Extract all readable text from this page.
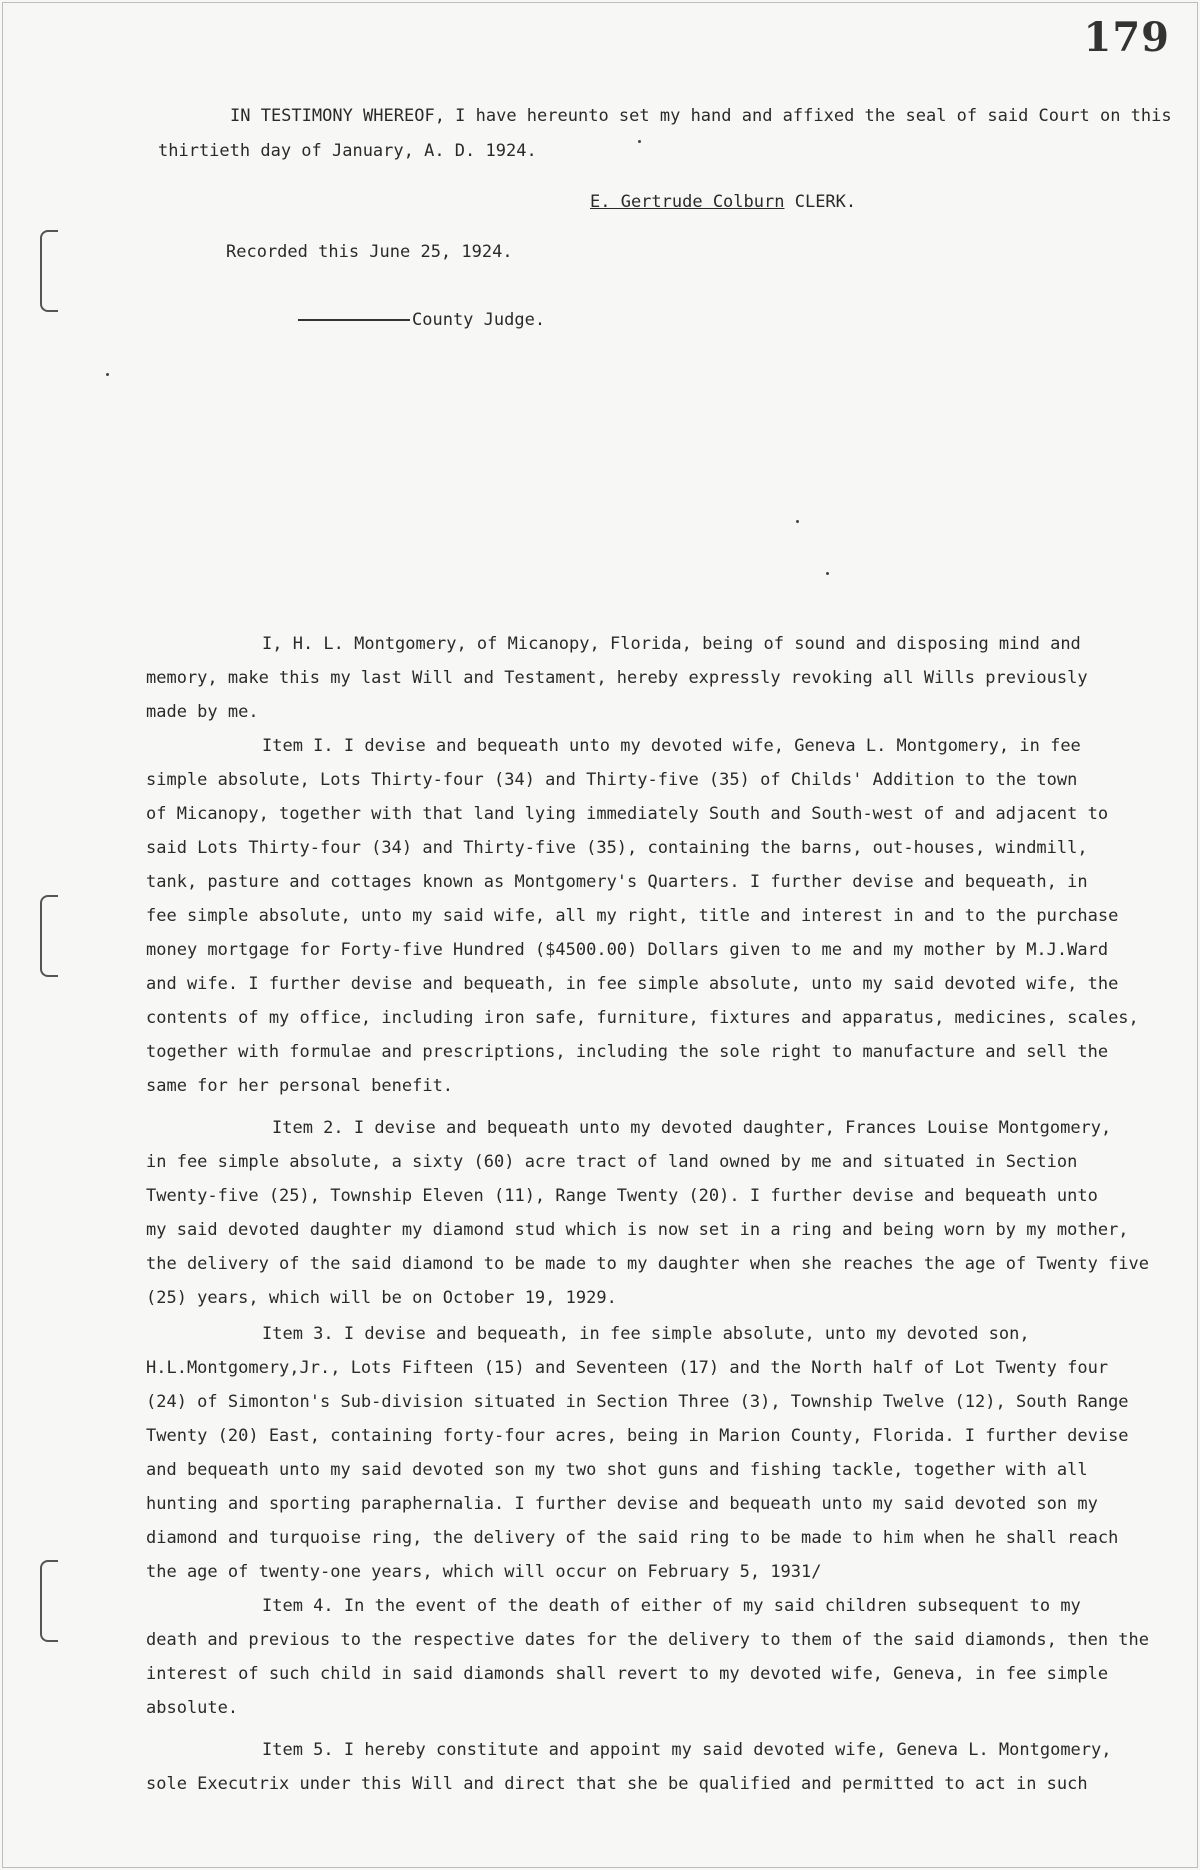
179
IN TESTIMONY WHEREOF, I have hereunto set my hand and affixed the seal of said Court on this
thirtieth day of January, A. D. 1924.
E. Gertrude Colburn CLERK.
Recorded this June 25, 1924.
County Judge.
I, H. L. Montgomery, of Micanopy, Florida, being of sound and disposing mind and
memory, make this my last Will and Testament, hereby expressly revoking all Wills previously
made by me.
Item I. I devise and bequeath unto my devoted wife, Geneva L. Montgomery, in fee
simple absolute, Lots Thirty-four (34) and Thirty-five (35) of Childs' Addition to the town
of Micanopy, together with that land lying immediately South and South-west of and adjacent to
said Lots Thirty-four (34) and Thirty-five (35), containing the barns, out-houses, windmill,
tank, pasture and cottages known as Montgomery's Quarters. I further devise and bequeath, in
fee simple absolute, unto my said wife, all my right, title and interest in and to the purchase
money mortgage for Forty-five Hundred ($4500.00) Dollars given to me and my mother by M.J.Ward
and wife. I further devise and bequeath, in fee simple absolute, unto my said devoted wife, the
contents of my office, including iron safe, furniture, fixtures and apparatus, medicines, scales,
together with formulae and prescriptions, including the sole right to manufacture and sell the
same for her personal benefit.
Item 2. I devise and bequeath unto my devoted daughter, Frances Louise Montgomery,
in fee simple absolute, a sixty (60) acre tract of land owned by me and situated in Section
Twenty-five (25), Township Eleven (11), Range Twenty (20). I further devise and bequeath unto
my said devoted daughter my diamond stud which is now set in a ring and being worn by my mother,
the delivery of the said diamond to be made to my daughter when she reaches the age of Twenty five
(25) years, which will be on October 19, 1929.
Item 3. I devise and bequeath, in fee simple absolute, unto my devoted son,
H.L.Montgomery,Jr., Lots Fifteen (15) and Seventeen (17) and the North half of Lot Twenty four
(24) of Simonton's Sub-division situated in Section Three (3), Township Twelve (12), South Range
Twenty (20) East, containing forty-four acres, being in Marion County, Florida. I further devise
and bequeath unto my said devoted son my two shot guns and fishing tackle, together with all
hunting and sporting paraphernalia. I further devise and bequeath unto my said devoted son my
diamond and turquoise ring, the delivery of the said ring to be made to him when he shall reach
the age of twenty-one years, which will occur on February 5, 1931/
Item 4. In the event of the death of either of my said children subsequent to my
death and previous to the respective dates for the delivery to them of the said diamonds, then the
interest of such child in said diamonds shall revert to my devoted wife, Geneva, in fee simple
absolute.
Item 5. I hereby constitute and appoint my said devoted wife, Geneva L. Montgomery,
sole Executrix under this Will and direct that she be qualified and permitted to act in such
